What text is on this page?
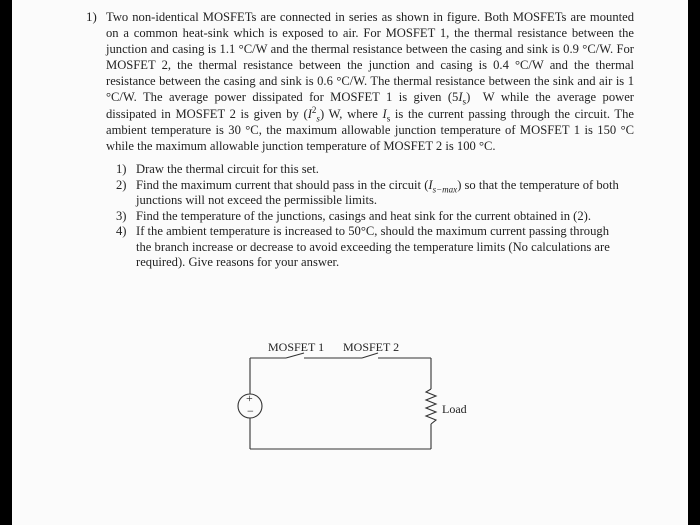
1) Two non-identical MOSFETs are connected in series as shown in figure. Both MOSFETs are mounted on a common heat-sink which is exposed to air. For MOSFET 1, the thermal resistance between the junction and casing is 1.1 °C/W and the thermal resistance between the casing and sink is 0.9 °C/W. For MOSFET 2, the thermal resistance between the junction and casing is 0.4 °C/W and the thermal resistance between the casing and sink is 0.6 °C/W. The thermal resistance between the sink and air is 1 °C/W. The average power dissipated for MOSFET 1 is given $(5I_s)$  W while the average power dissipated in MOSFET 2 is given by $(I^2_s)$ W, where $I_s$ is the current passing through the circuit. The ambient temperature is 30 °C, the maximum allowable junction temperature of MOSFET 1 is 150 °C while the maximum allowable junction temperature of MOSFET 2 is 100 °C.

1) Draw the thermal circuit for this set.
2) Find the maximum current that should pass in the circuit $(I_{s-max})$ so that the temperature of both junctions will not exceed the permissible limits.
3) Find the temperature of the junctions, casings and heat sink for the current obtained in (2).
4) If the ambient temperature is increased to 50°C, should the maximum current passing through the branch increase or decrease to avoid exceeding the temperature limits (No calculations are required). Give reasons for your answer.
+
−
MOSFET 1 MOSFET 2
Load
